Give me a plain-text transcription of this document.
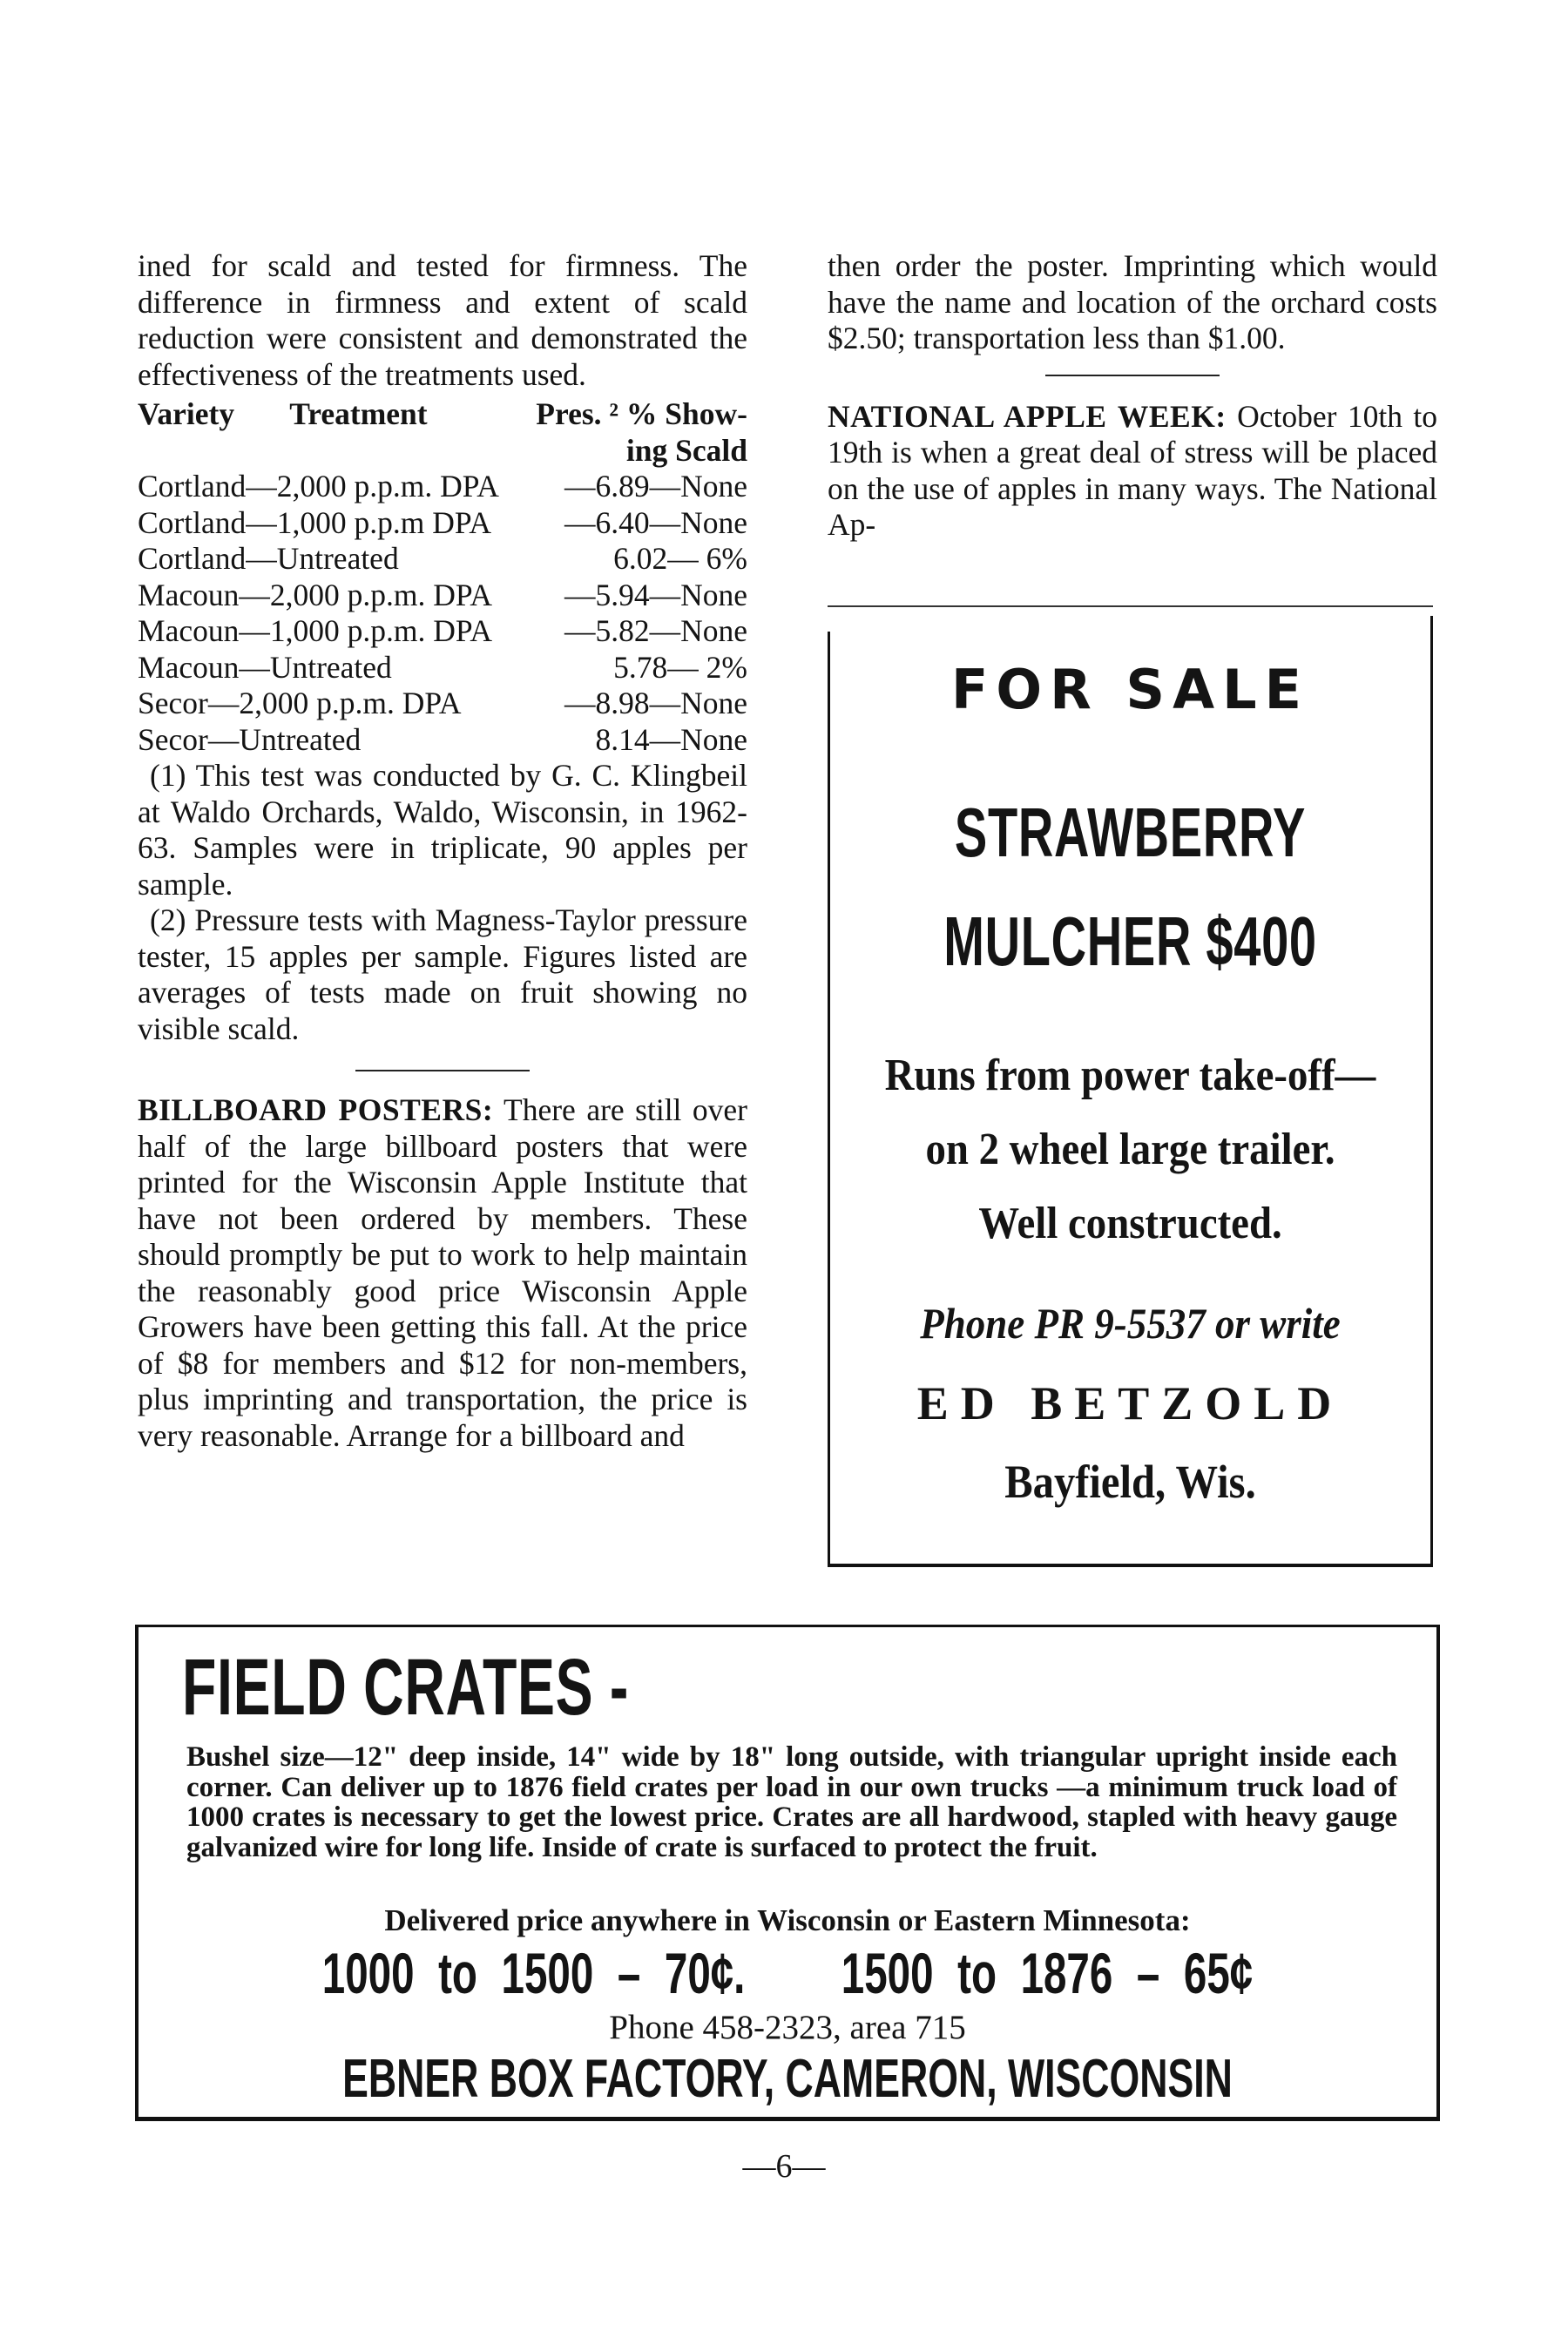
ined for scald and tested for firmness. The difference in firmness and extent of scald reduction were consistent and demonstrated the effectiveness of the treatments used.

Variety	Treatment	Pres. ² % Show-
ing Scald		
Cortland—2,000 p.p.m. DPA		—6.89—None
Cortland—1,000 p.p.m DPA		—6.40—None
Cortland—Untreated		6.02— 6%
Macoun—2,000 p.p.m. DPA		—5.94—None
Macoun—1,000 p.p.m. DPA		—5.82—None
Macoun—Untreated		5.78— 2%
Secor—2,000 p.p.m. DPA		—8.98—None
Secor—Untreated		8.14—None

(1) This test was conducted by G. C. Klingbeil at Waldo Orchards, Waldo, Wisconsin, in 1962-63. Samples were in triplicate, 90 apples per sample.

(2) Pressure tests with Magness-Taylor pressure tester, 15 apples per sample. Figures listed are averages of tests made on fruit showing no visible scald.

BILLBOARD POSTERS: There are still over half of the large billboard posters that were printed for the Wisconsin Apple Institute that have not been ordered by members. These should promptly be put to work to help maintain the reasonably good price Wisconsin Apple Growers have been getting this fall. At the price of $8 for members and $12 for non-members, plus imprinting and transportation, the price is very reasonable. Arrange for a billboard and

then order the poster. Imprinting which would have the name and location of the orchard costs $2.50; transportation less than $1.00.

NATIONAL APPLE WEEK: October 10th to 19th is when a great deal of stress will be placed on the use of apples in many ways. The National Ap-

FOR SALE
STRAWBERRY
MULCHER $400
Runs from power take-off—
on 2 wheel large trailer.
Well constructed.
Phone PR 9-5537 or write
ED BETZOLD
Bayfield, Wis.
FIELD CRATES -
Bushel size—12" deep inside, 14" wide by 18" long outside, with triangular upright inside each corner. Can deliver up to 1876 field crates per load in our own trucks —a minimum truck load of 1000 crates is necessary to get the lowest price. Crates are all hardwood, stapled with heavy gauge galvanized wire for long life. Inside of crate is surfaced to protect the fruit.
Delivered price anywhere in Wisconsin or Eastern Minnesota:
1000 to 1500 – 70¢. 1500 to 1876 – 65¢
Phone 458-2323, area 715
EBNER BOX FACTORY, CAMERON, WISCONSIN
—6—
